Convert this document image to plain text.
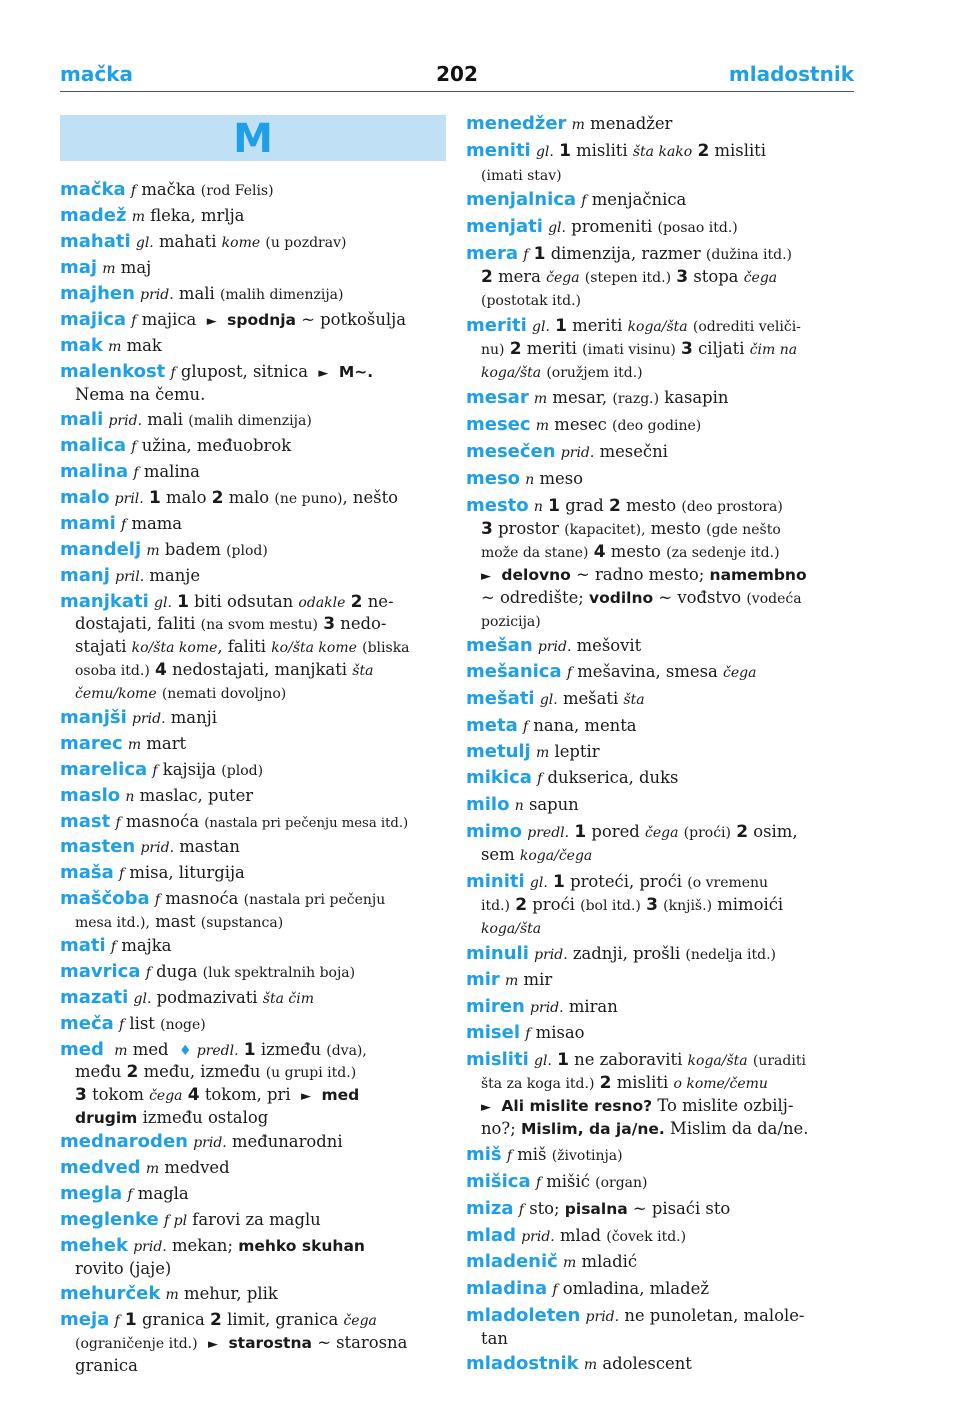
mačka	202	mladostnik
M
mačka f mačka (rod Felis)
madež m fleka, mrlja
mahati gl. mahati kome (u pozdrav)
maj m maj
majhen prid. mali (malih dimenzija)
majica f majica ► spodnja ~ potkošulja
mak m mak
malenkost f glupost, sitnica ► M~.
Nema na čemu.
mali prid. mali (malih dimenzija)
malica f užina, međuobrok
malina f malina
malo pril. 1 malo 2 malo (ne puno), nešto
mami f mama
mandelj m badem (plod)
manj pril. manje
manjkati gl. 1 biti odsutan odakle 2 ne-
dostajati, faliti (na svom mestu) 3 nedo-
stajati ko/šta kome, faliti ko/šta kome (bliska
osoba itd.) 4 nedostajati, manjkati šta
čemu/kome (nemati dovoljno)
manjši prid. manji
marec m mart
marelica f kajsija (plod)
maslo n maslac, puter
mast f masnoća (nastala pri pečenju mesa itd.)
masten prid. mastan
maša f misa, liturgija
maščoba f masnoća (nastala pri pečenju
mesa itd.), mast (supstanca)
mati f majka
mavrica f duga (luk spektralnih boja)
mazati gl. podmazivati šta čim
meča f list (noge)
med m med ♦ predl. 1 između (dva),
među 2 među, između (u grupi itd.)
3 tokom čega 4 tokom, pri ► med
drugim između ostalog
mednaroden prid. međunarodni
medved m medved
megla f magla
meglenke f pl farovi za maglu
mehek prid. mekan; mehko skuhan
rovito (jaje)
mehurček m mehur, plik
meja f 1 granica 2 limit, granica čega
(ograničenje itd.) ► starostna ~ starosna
granica
menedžer m menadžer
meniti gl. 1 misliti šta kako 2 misliti
(imati stav)
menjalnica f menjačnica
menjati gl. promeniti (posao itd.)
mera f 1 dimenzija, razmer (dužina itd.)
2 mera čega (stepen itd.) 3 stopa čega
(postotak itd.)
meriti gl. 1 meriti koga/šta (odrediti veliči-
nu) 2 meriti (imati visinu) 3 ciljati čim na
koga/šta (oružjem itd.)
mesar m mesar, (razg.) kasapin
mesec m mesec (deo godine)
mesečen prid. mesečni
meso n meso
mesto n 1 grad 2 mesto (deo prostora)
3 prostor (kapacitet), mesto (gde nešto
može da stane) 4 mesto (za sedenje itd.)
► delovno ~ radno mesto; namembno
~ odredište; vodilno ~ vođstvo (vodeća
pozicija)
mešan prid. mešovit
mešanica f mešavina, smesa čega
mešati gl. mešati šta
meta f nana, menta
metulj m leptir
mikica f dukserica, duks
milo n sapun
mimo predl. 1 pored čega (proći) 2 osim,
sem koga/čega
miniti gl. 1 proteći, proći (o vremenu
itd.) 2 proći (bol itd.) 3 (knjiš.) mimoići
koga/šta
minuli prid. zadnji, prošli (nedelja itd.)
mir m mir
miren prid. miran
misel f misao
misliti gl. 1 ne zaboraviti koga/šta (uraditi
šta za koga itd.) 2 misliti o kome/čemu
► Ali mislite resno? To mislite ozbilj-
no?; Mislim, da ja/ne. Mislim da da/ne.
miš f miš (životinja)
mišica f mišić (organ)
miza f sto; pisalna ~ pisaći sto
mlad prid. mlad (čovek itd.)
mladenič m mladić
mladina f omladina, mladež
mladoleten prid. ne punoletan, malole-
tan
mladostnik m adolescent
